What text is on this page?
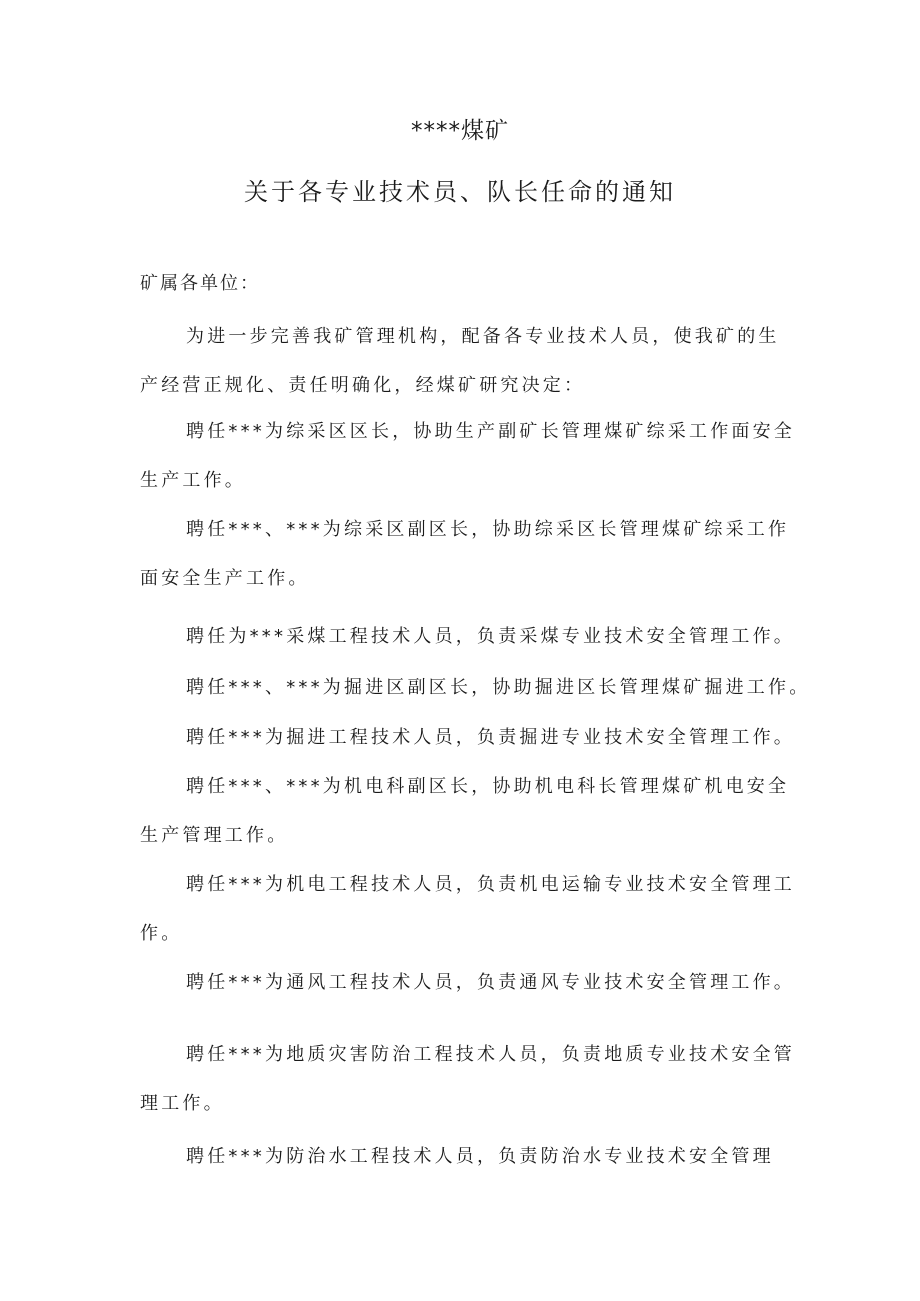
****煤矿
关于各专业技术员、队长任命的通知
矿属各单位：
为进一步完善我矿管理机构，配备各专业技术人员，使我矿的生产经营正规化、责任明确化，经煤矿研究决定：
聘任***为综采区区长，协助生产副矿长管理煤矿综采工作面安全生产工作。
聘任***、***为综采区副区长，协助综采区长管理煤矿综采工作面安全生产工作。
聘任为***采煤工程技术人员，负责采煤专业技术安全管理工作。
聘任***、***为掘进区副区长，协助掘进区长管理煤矿掘进工作。
聘任***为掘进工程技术人员，负责掘进专业技术安全管理工作。
聘任***、***为机电科副区长，协助机电科长管理煤矿机电安全生产管理工作。
聘任***为机电工程技术人员，负责机电运输专业技术安全管理工作。
聘任***为通风工程技术人员，负责通风专业技术安全管理工作。
聘任***为地质灾害防治工程技术人员，负责地质专业技术安全管理工作。
聘任***为防治水工程技术人员，负责防治水专业技术安全管理
